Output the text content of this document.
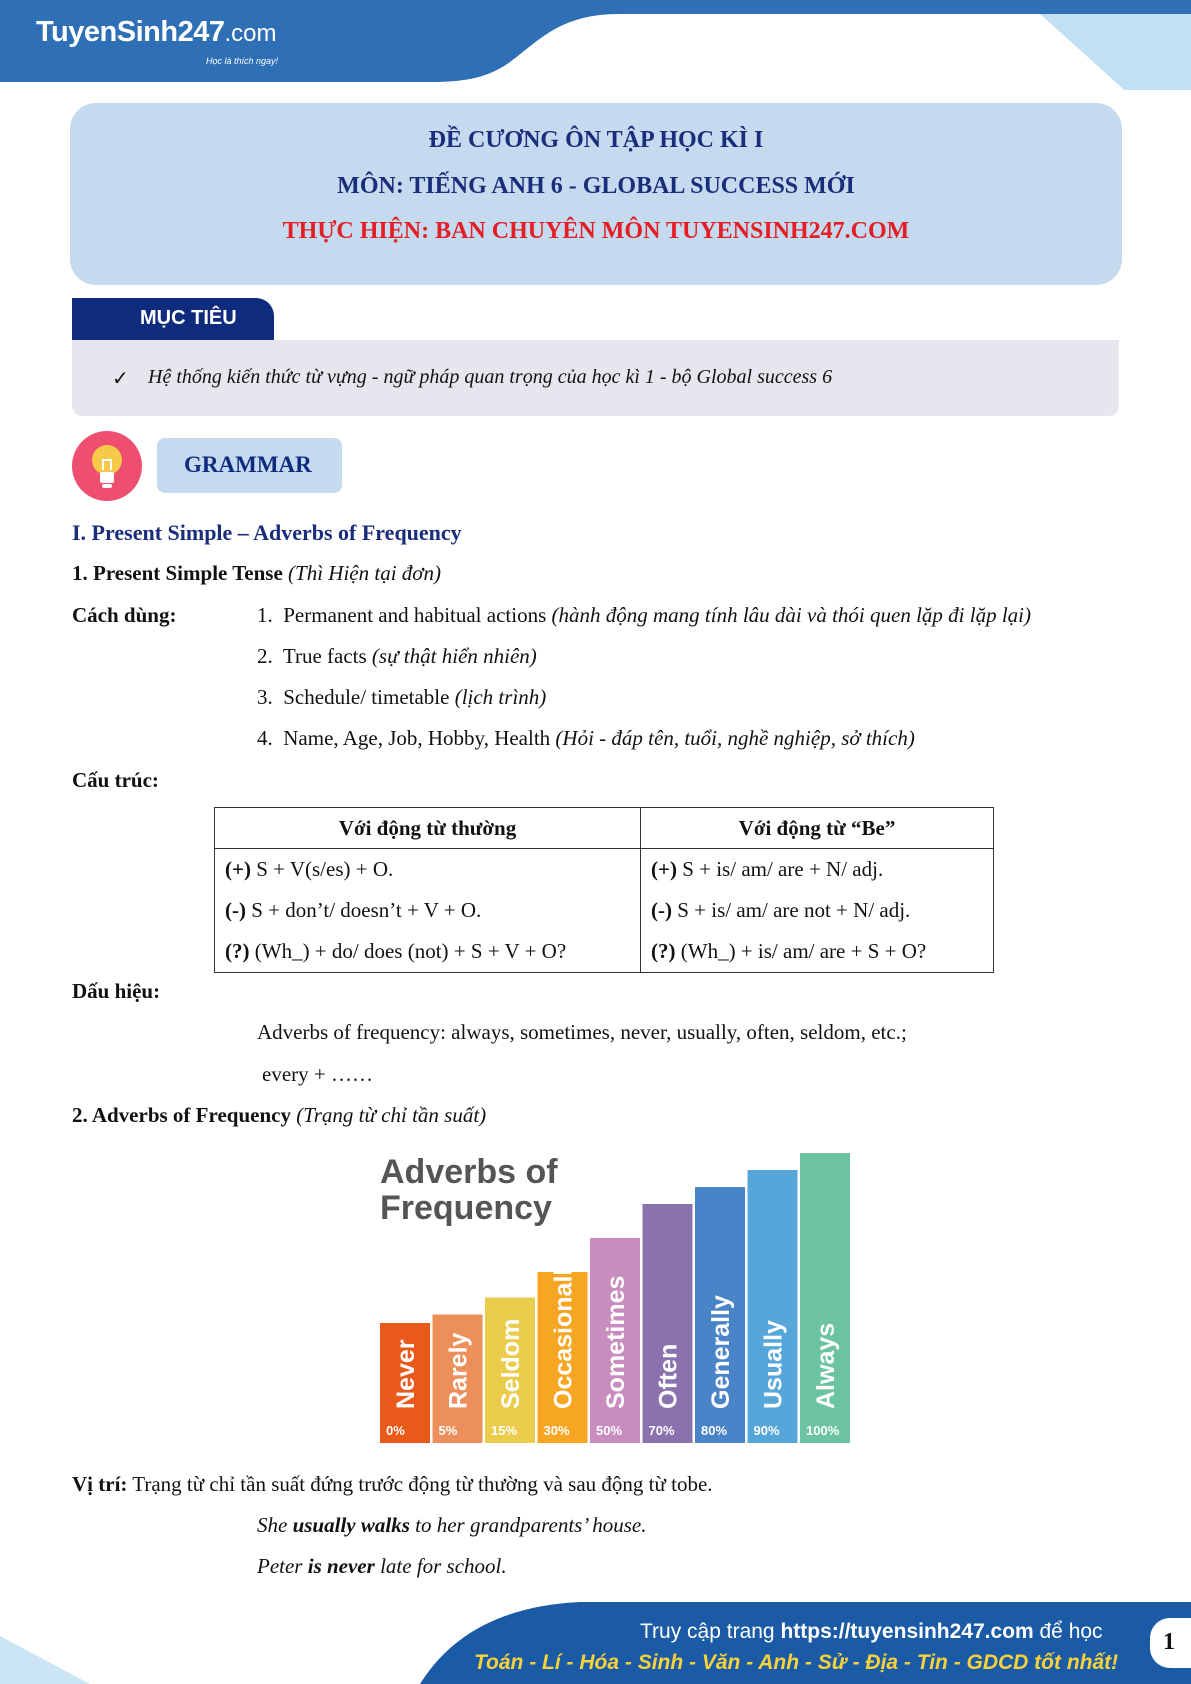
TuyenSinh247.com
Học là thích ngay!
ĐỀ CƯƠNG ÔN TẬP HỌC KÌ I
MÔN: TIẾNG ANH 6 - GLOBAL SUCCESS MỚI
THỰC HIỆN: BAN CHUYÊN MÔN TUYENSINH247.COM
MỤC TIÊU
✓ Hệ thống kiến thức từ vựng - ngữ pháp quan trọng của học kì 1 - bộ Global success 6
GRAMMAR
I. Present Simple – Adverbs of Frequency
1. Present Simple Tense (Thì Hiện tại đơn)
Cách dùng:	1. Permanent and habitual actions (hành động mang tính lâu dài và thói quen lặp đi lặp lại)
2. True facts (sự thật hiển nhiên)
3. Schedule/ timetable (lịch trình)
4. Name, Age, Job, Hobby, Health (Hỏi - đáp tên, tuổi, nghề nghiệp, sở thích)
Cấu trúc:
Với động từ thường	Với động từ “Be”
(+) S + V(s/es) + O.	(+) S + is/ am/ are + N/ adj.
(-) S + don’t/ doesn’t + V + O.	(-) S + is/ am/ are not + N/ adj.
(?) (Wh_) + do/ does (not) + S + V + O?	(?) (Wh_) + is/ am/ are + S + O?
Dấu hiệu:
Adverbs of frequency: always, sometimes, never, usually, often, seldom, etc.;
every + ……
2. Adverbs of Frequency (Trạng từ chỉ tần suất)
Adverbs of
Frequency
0%
Never
5%
Rarely
15%
Seldom
30%
Occasionally
50%
Sometimes
70%
Often
80%
Generally
90%
Usually
100%
Always
Vị trí: Trạng từ chỉ tần suất đứng trước động từ thường và sau động từ tobe.
She usually walks to her grandparents’ house.
Peter is never late for school.
Truy cập trang https://tuyensinh247.com để học
Toán - Lí - Hóa - Sinh - Văn - Anh - Sử - Địa - Tin - GDCD tốt nhất!
1
